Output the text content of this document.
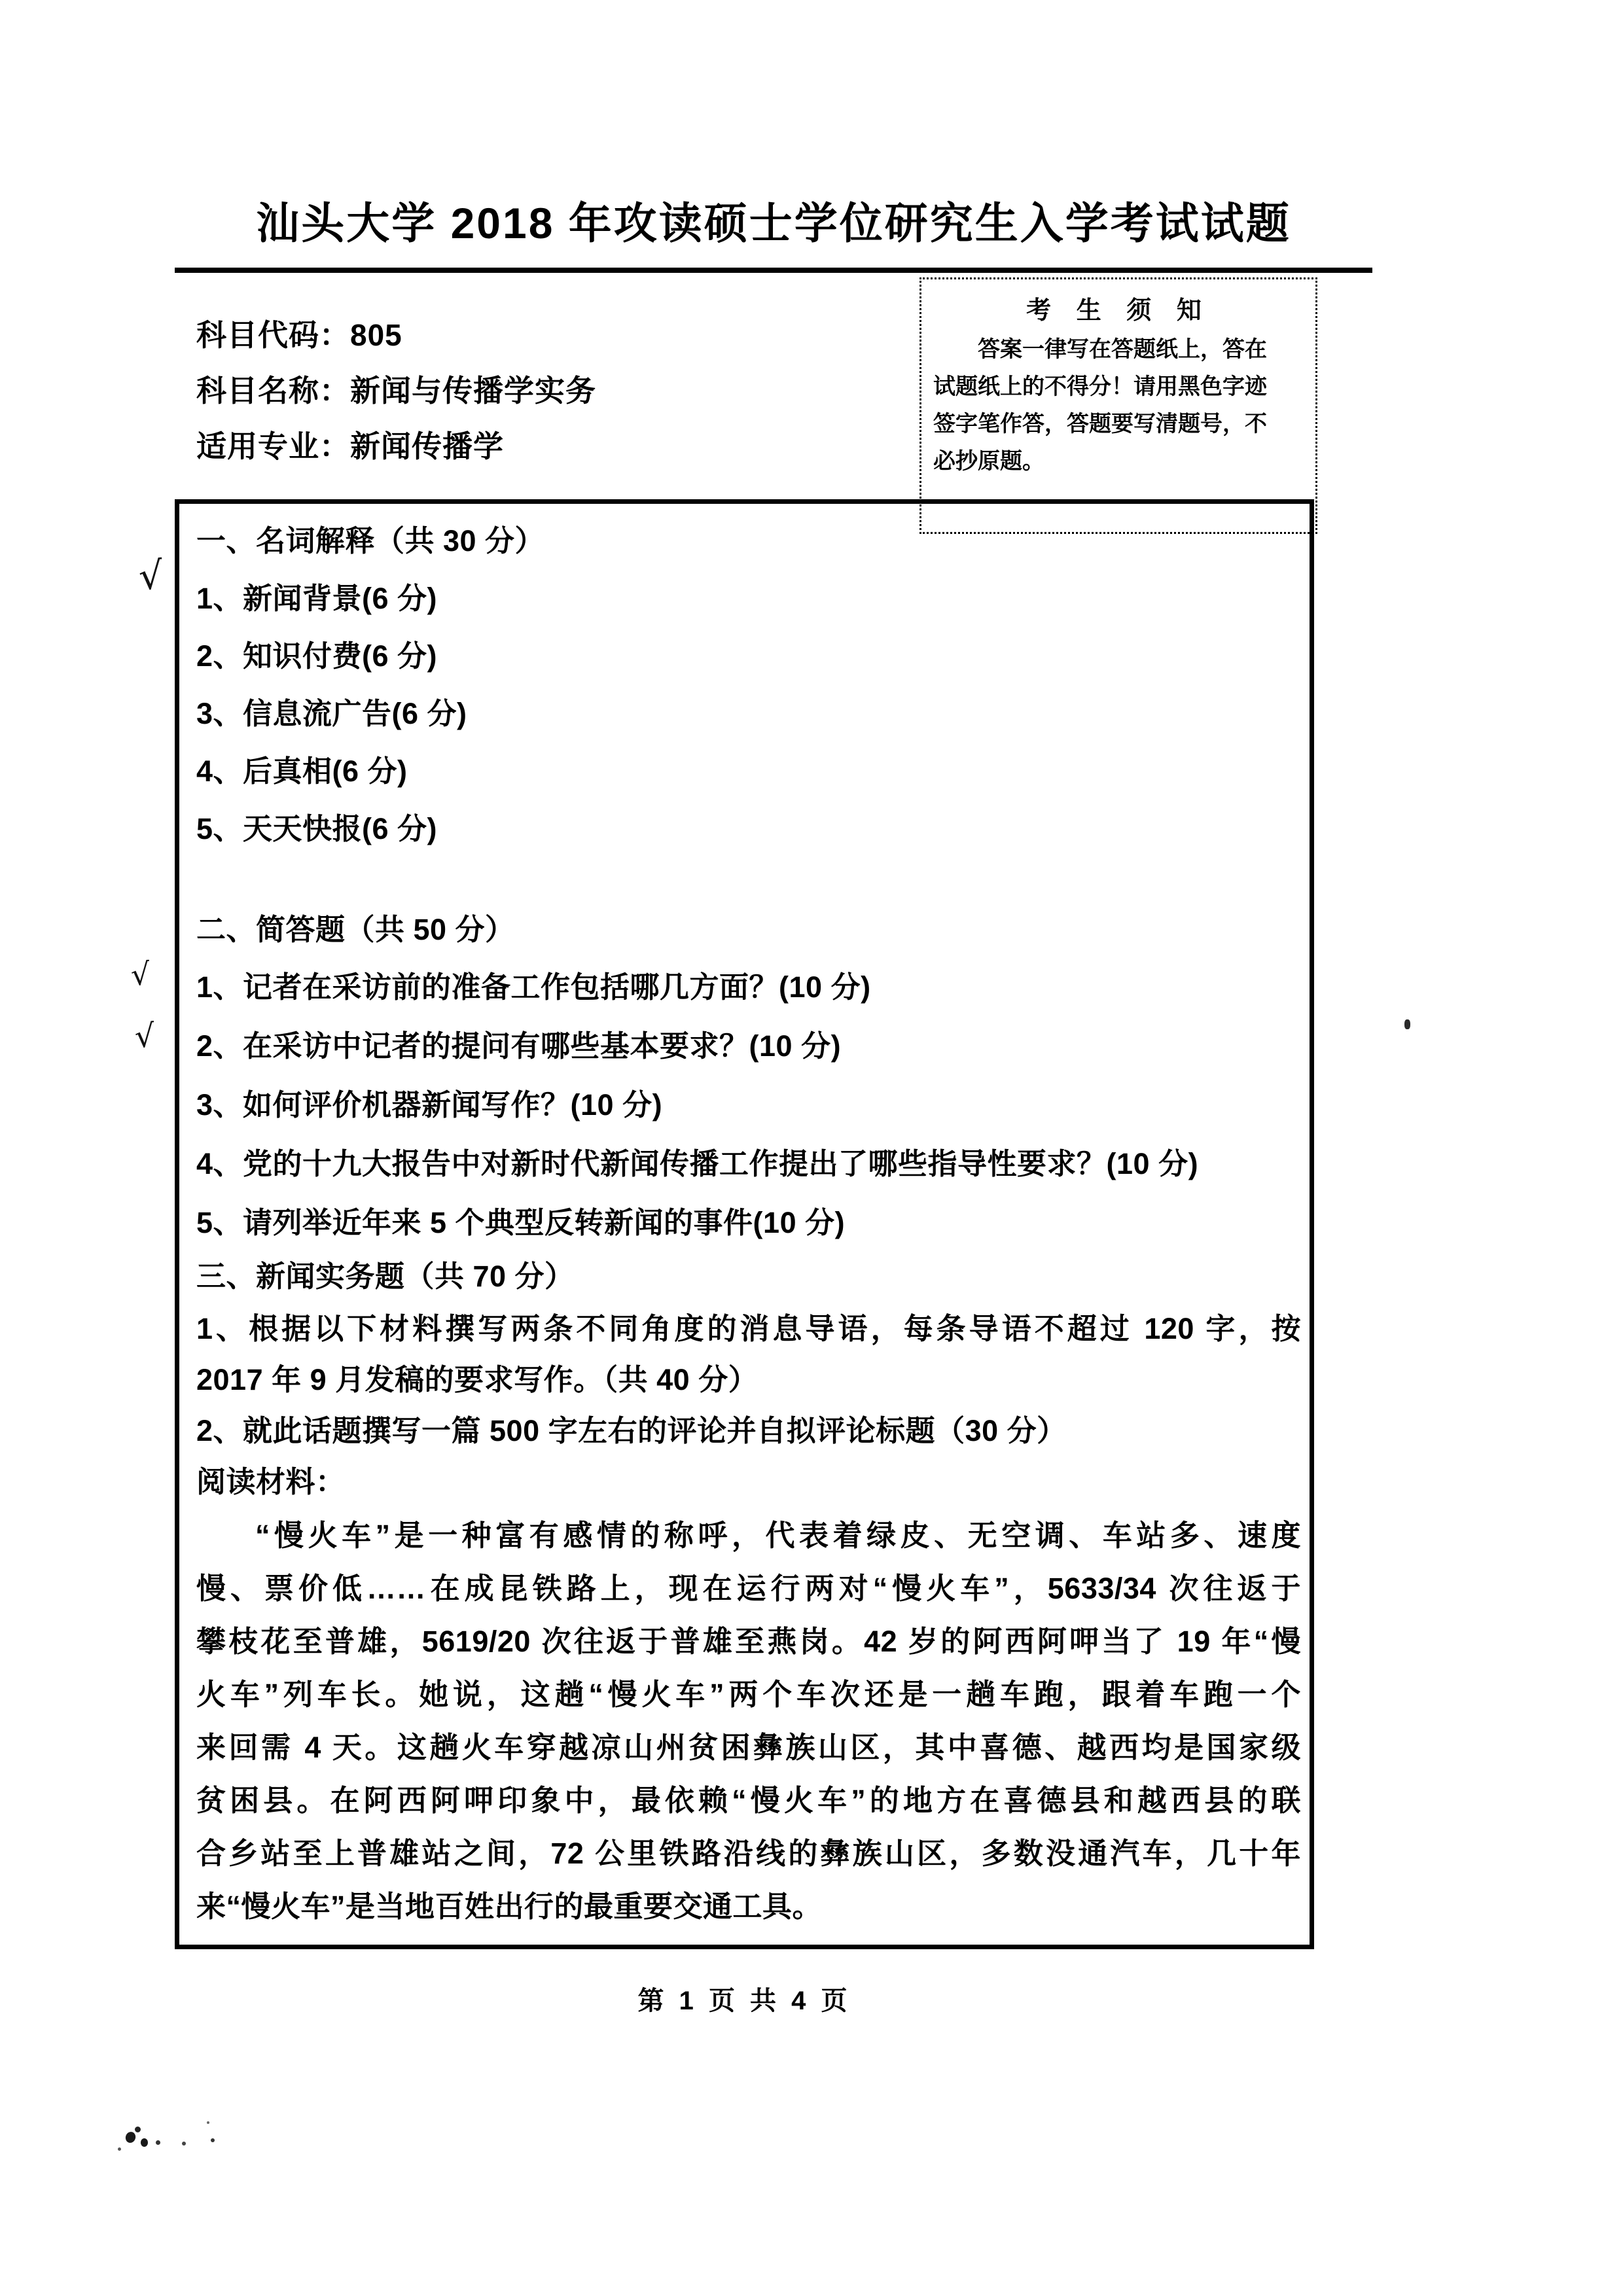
汕头大学 2018 年攻读硕士学位研究生入学考试试题
科目代码：805
科目名称：新闻与传播学实务
适用专业：新闻传播学
考 生 须 知
答案一律写在答题纸上，答在
试题纸上的不得分！请用黑色字迹
签字笔作答，答题要写清题号，不
必抄原题。
√
√
√
一、名词解释（共 30 分）
1、新闻背景(6 分)
2、知识付费(6 分)
3、信息流广告(6 分)
4、后真相(6 分)
5、天天快报(6 分)
二、简答题（共 50 分）
1、记者在采访前的准备工作包括哪几方面？(10 分)
2、在采访中记者的提问有哪些基本要求？(10 分)
3、如何评价机器新闻写作？(10 分)
4、党的十九大报告中对新时代新闻传播工作提出了哪些指导性要求？(10 分)
5、请列举近年来 5 个典型反转新闻的事件(10 分)
三、新闻实务题（共 70 分）
1、根据以下材料撰写两条不同角度的消息导语，每条导语不超过 120 字，按
2017 年 9 月发稿的要求写作。（共 40 分）
2、就此话题撰写一篇 500 字左右的评论并自拟评论标题（30 分）
阅读材料：
“慢火车”是一种富有感情的称呼，代表着绿皮、无空调、车站多、速度
慢、票价低……在成昆铁路上，现在运行两对“慢火车”，5633/34 次往返于
攀枝花至普雄，5619/20 次往返于普雄至燕岗。42 岁的阿西阿呷当了 19 年“慢
火车”列车长。她说，这趟“慢火车”两个车次还是一趟车跑，跟着车跑一个
来回需 4 天。这趟火车穿越凉山州贫困彝族山区，其中喜德、越西均是国家级
贫困县。在阿西阿呷印象中，最依赖“慢火车”的地方在喜德县和越西县的联
合乡站至上普雄站之间，72 公里铁路沿线的彝族山区，多数没通汽车，几十年
来“慢火车”是当地百姓出行的最重要交通工具。
第 1 页 共 4 页
